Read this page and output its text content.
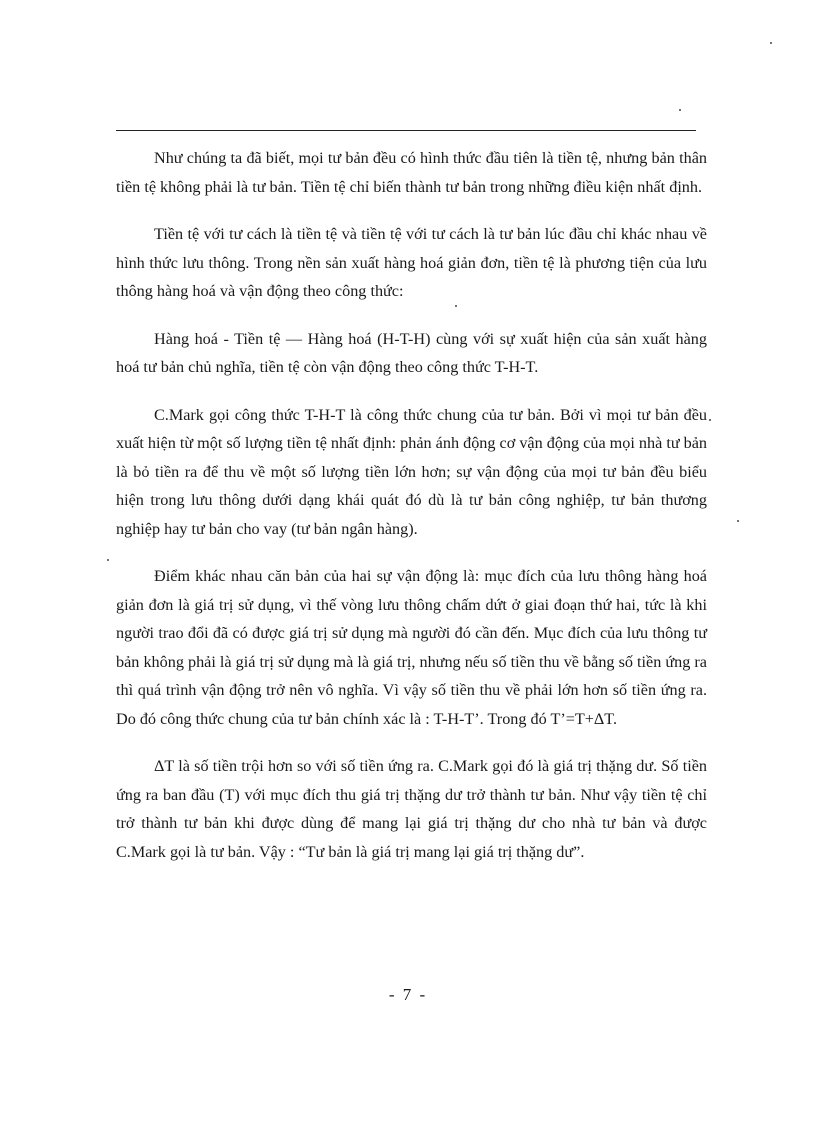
Như chúng ta đã biết, mọi tư bản đều có hình thức đầu tiên là tiền tệ, nhưng bản thân tiền tệ không phải là tư bản. Tiền tệ chỉ biến thành tư bản trong những điều kiện nhất định.

Tiền tệ với tư cách là tiền tệ và tiền tệ với tư cách là tư bản lúc đầu chỉ khác nhau về hình thức lưu thông. Trong nền sản xuất hàng hoá giản đơn, tiền tệ là phương tiện của lưu thông hàng hoá và vận động theo công thức:

Hàng hoá - Tiền tệ — Hàng hoá (H-T-H) cùng với sự xuất hiện của sản xuất hàng hoá tư bản chủ nghĩa, tiền tệ còn vận động theo công thức T-H-T.

C.Mark gọi công thức T-H-T là công thức chung của tư bản. Bởi vì mọi tư bản đều xuất hiện từ một số lượng tiền tệ nhất định: phản ánh động cơ vận động của mọi nhà tư bản là bỏ tiền ra để thu về một số lượng tiền lớn hơn; sự vận động của mọi tư bản đều biểu hiện trong lưu thông dưới dạng khái quát đó dù là tư bản công nghiệp, tư bản thương nghiệp hay tư bản cho vay (tư bản ngân hàng).

Điểm khác nhau căn bản của hai sự vận động là: mục đích của lưu thông hàng hoá giản đơn là giá trị sử dụng, vì thế vòng lưu thông chấm dứt ở giai đoạn thứ hai, tức là khi người trao đổi đã có được giá trị sử dụng mà người đó cần đến. Mục đích của lưu thông tư bản không phải là giá trị sử dụng mà là giá trị, nhưng nếu số tiền thu về bằng số tiền ứng ra thì quá trình vận động trở nên vô nghĩa. Vì vậy số tiền thu về phải lớn hơn số tiền ứng ra. Do đó công thức chung của tư bản chính xác là : T-H-T’. Trong đó T’=T+ΔT.

ΔT là số tiền trội hơn so với số tiền ứng ra. C.Mark gọi đó là giá trị thặng dư. Số tiền ứng ra ban đầu (T) với mục đích thu giá trị thặng dư trở thành tư bản. Như vậy tiền tệ chỉ trở thành tư bản khi được dùng để mang lại giá trị thặng dư cho nhà tư bản và được C.Mark gọi là tư bản. Vậy : “Tư bản là giá trị mang lại giá trị thặng dư”.

- 7 -
